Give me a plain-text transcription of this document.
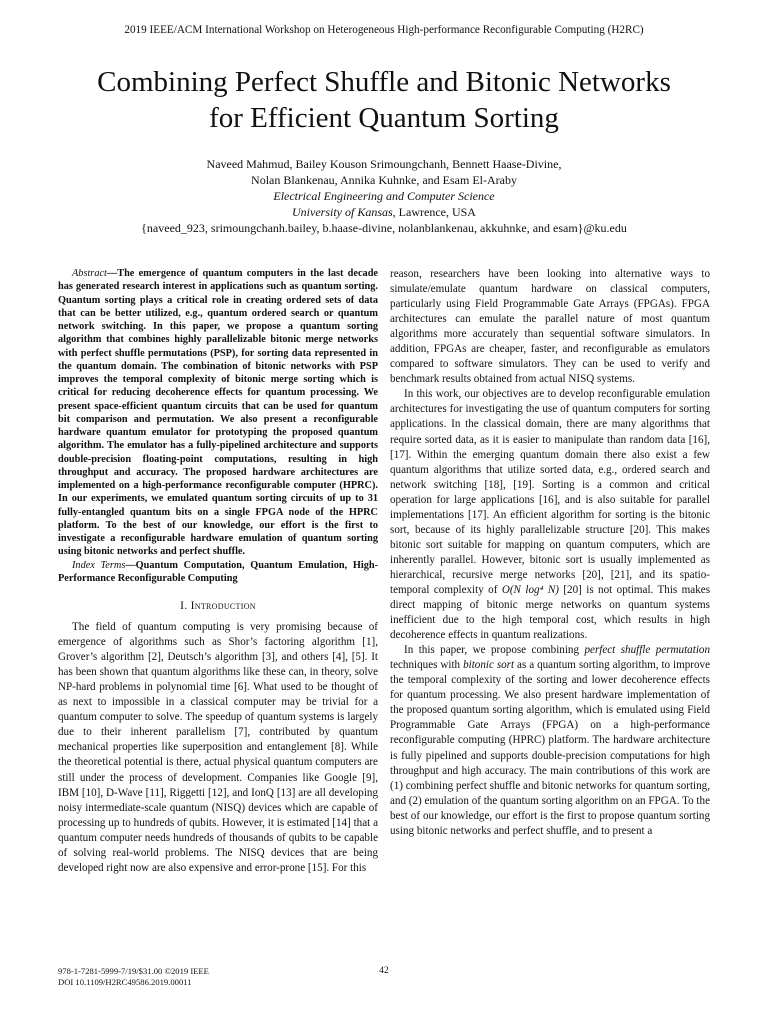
2019 IEEE/ACM International Workshop on Heterogeneous High-performance Reconfigurable Computing (H2RC)
Combining Perfect Shuffle and Bitonic Networks
for Efficient Quantum Sorting
Naveed Mahmud, Bailey Kouson Srimoungchanh, Bennett Haase-Divine,
Nolan Blankenau, Annika Kuhnke, and Esam El-Araby
Electrical Engineering and Computer Science
University of Kansas, Lawrence, USA
{naveed_923, srimoungchanh.bailey, b.haase-divine, nolanblankenau, akkuhnke, and esam}@ku.edu

Abstract—The emergence of quantum computers in the last decade has generated research interest in applications such as quantum sorting. Quantum sorting plays a critical role in creating ordered sets of data that can be better utilized, e.g., quantum ordered search or quantum network switching. In this paper, we propose a quantum sorting algorithm that combines highly parallelizable bitonic merge networks with perfect shuffle permutations (PSP), for sorting data represented in the quantum domain. The combination of bitonic networks with PSP improves the temporal complexity of bitonic merge sorting which is critical for reducing decoherence effects for quantum processing. We present space-efficient quantum circuits that can be used for quantum bit comparison and permutation. We also present a reconfigurable hardware quantum emulator for prototyping the proposed quantum algorithm. The emulator has a fully-pipelined architecture and supports double-precision floating-point computations, resulting in high throughput and accuracy. The proposed hardware architectures are implemented on a high-performance reconfigurable computer (HPRC). In our experiments, we emulated quantum sorting circuits of up to 31 fully-entangled quantum bits on a single FPGA node of the HPRC platform. To the best of our knowledge, our effort is the first to investigate a reconfigurable hardware emulation of quantum sorting using bitonic networks and perfect shuffle.

Index Terms—Quantum Computation, Quantum Emulation, High-Performance Reconfigurable Computing

I. Introduction

The field of quantum computing is very promising because of emergence of algorithms such as Shor’s factoring algorithm [1], Grover’s algorithm [2], Deutsch’s algorithm [3], and others [4], [5]. It has been shown that quantum algorithms like these can, in theory, solve NP-hard problems in polynomial time [6]. What used to be thought of as next to impossible in a classical computer may be trivial for a quantum computer to solve. The speedup of quantum systems is largely due to their inherent parallelism [7], contributed by quantum mechanical properties like superposition and entanglement [8]. While the theoretical potential is there, actual physical quantum computers are still under the process of development. Companies like Google [9], IBM [10], D-Wave [11], Riggetti [12], and IonQ [13] are all developing noisy intermediate-scale quantum (NISQ) devices which are capable of processing up to hundreds of qubits. However, it is estimated [14] that a quantum computer needs hundreds of thousands of qubits to be capable of solving real-world problems. The NISQ devices that are being developed right now are also expensive and error-prone [15]. For this

reason, researchers have been looking into alternative ways to simulate/emulate quantum hardware on classical computers, particularly using Field Programmable Gate Arrays (FPGAs). FPGA architectures can emulate the parallel nature of most quantum algorithms more accurately than sequential software simulators. In addition, FPGAs are cheaper, faster, and reconfigurable as emulators compared to software simulators. They can be used to verify and benchmark results obtained from actual NISQ systems.

In this work, our objectives are to develop reconfigurable emulation architectures for investigating the use of quantum computers for sorting applications. In the classical domain, there are many algorithms that require sorted data, as it is easier to manipulate than random data [16], [17]. Within the emerging quantum domain there also exist a few quantum algorithms that utilize sorted data, e.g., ordered search and network switching [18], [19]. Sorting is a common and critical operation for large applications [16], and is also suitable for parallel implementations [17]. An efficient algorithm for sorting is the bitonic sort, because of its highly parallelizable structure [20]. This makes bitonic sort suitable for mapping on quantum computers, which are inherently parallel. However, bitonic sort is usually implemented as hierarchical, recursive merge networks [20], [21], and its spatio-temporal complexity of O(N log⁴ N) [20] is not optimal. This makes direct mapping of bitonic merge networks on quantum systems inefficient due to the high temporal cost, which results in high decoherence effects in quantum realizations.

In this paper, we propose combining perfect shuffle permutation techniques with bitonic sort as a quantum sorting algorithm, to improve the temporal complexity of the sorting and lower decoherence effects for quantum processing. We also present hardware implementation of the proposed quantum sorting algorithm, which is emulated using Field Programmable Gate Arrays (FPGA) on a high-performance reconfigurable computing (HPRC) platform. The hardware architecture is fully pipelined and supports double-precision computations for high throughput and high accuracy. The main contributions of this work are (1) combining perfect shuffle and bitonic networks for quantum sorting, and (2) emulation of the quantum sorting algorithm on an FPGA. To the best of our knowledge, our effort is the first to propose quantum sorting using bitonic networks and perfect shuffle, and to present a

978-1-7281-5999-7/19/$31.00 ©2019 IEEE
DOI 10.1109/H2RC49586.2019.00011
42
